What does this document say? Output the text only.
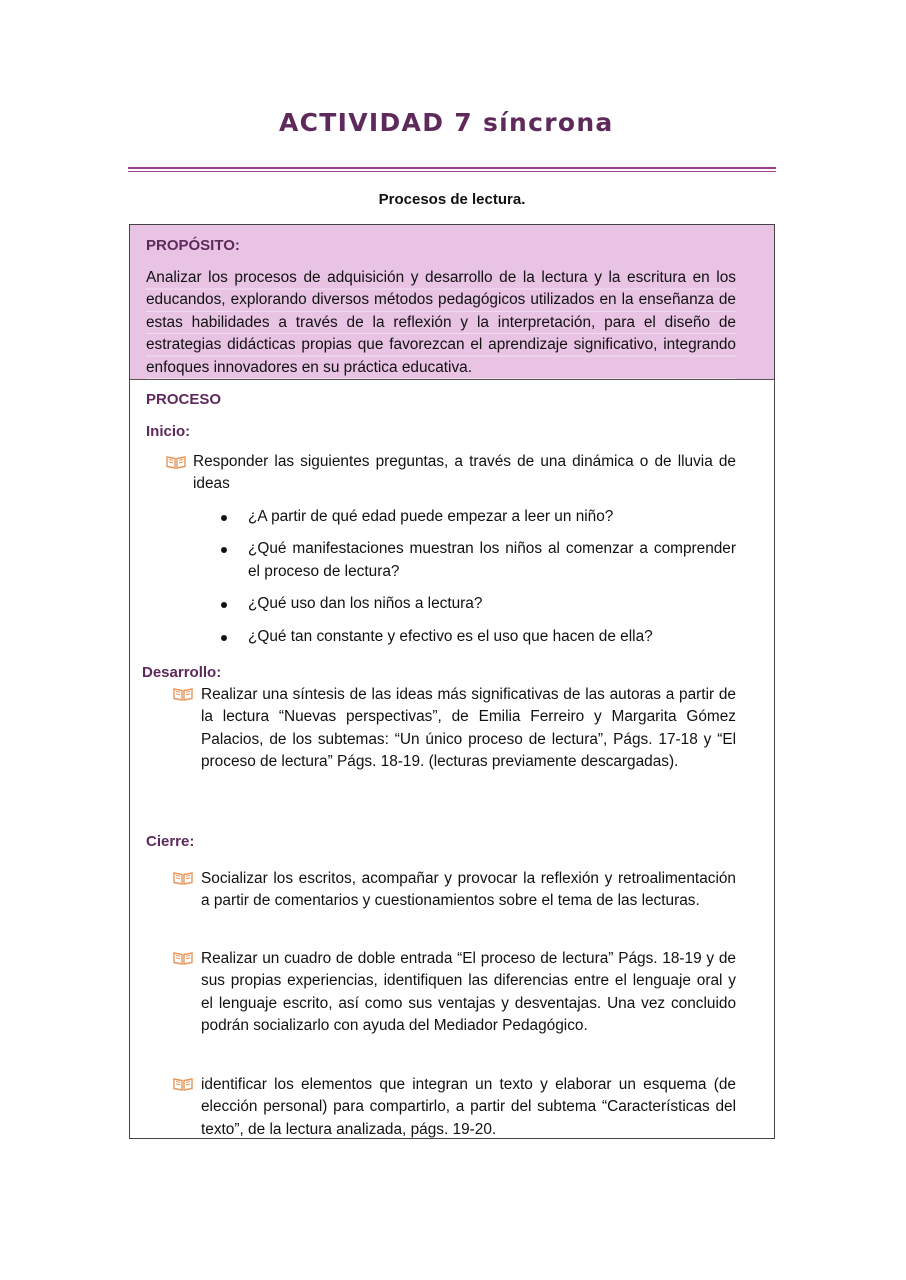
ACTIVIDAD 7 síncrona
Procesos de lectura.
PROPÓSITO:

Analizar los procesos de adquisición y desarrollo de la lectura y la escritura en los educandos, explorando diversos métodos pedagógicos utilizados en la enseñanza de estas habilidades a través de la reflexión y la interpretación, para el diseño de estrategias didácticas propias que favorezcan el aprendizaje significativo, integrando enfoques innovadores en su práctica educativa.

PROCESO
Inicio:

Responder las siguientes preguntas, a través de una dinámica o de lluvia de ideas

¿A partir de qué edad puede empezar a leer un niño?
¿Qué manifestaciones muestran los niños al comenzar a comprender el proceso de lectura?
¿Qué uso dan los niños a lectura?
¿Qué tan constante y efectivo es el uso que hacen de ella?
Desarrollo:

Realizar una síntesis de las ideas más significativas de las autoras a partir de la lectura “Nuevas perspectivas”, de Emilia Ferreiro y Margarita Gómez Palacios, de los subtemas: “Un único proceso de lectura”, Págs. 17-18 y “El proceso de lectura” Págs. 18-19. (lecturas previamente descargadas).

Cierre:

Socializar los escritos, acompañar y provocar la reflexión y retroalimentación a partir de comentarios y cuestionamientos sobre el tema de las lecturas.

Realizar un cuadro de doble entrada “El proceso de lectura” Págs. 18-19 y de sus propias experiencias, identifiquen las diferencias entre el lenguaje oral y el lenguaje escrito, así como sus ventajas y desventajas. Una vez concluido podrán socializarlo con ayuda del Mediador Pedagógico.

identificar los elementos que integran un texto y elaborar un esquema (de elección personal) para compartirlo, a partir del subtema “Características del texto”, de la lectura analizada, págs. 19-20.
